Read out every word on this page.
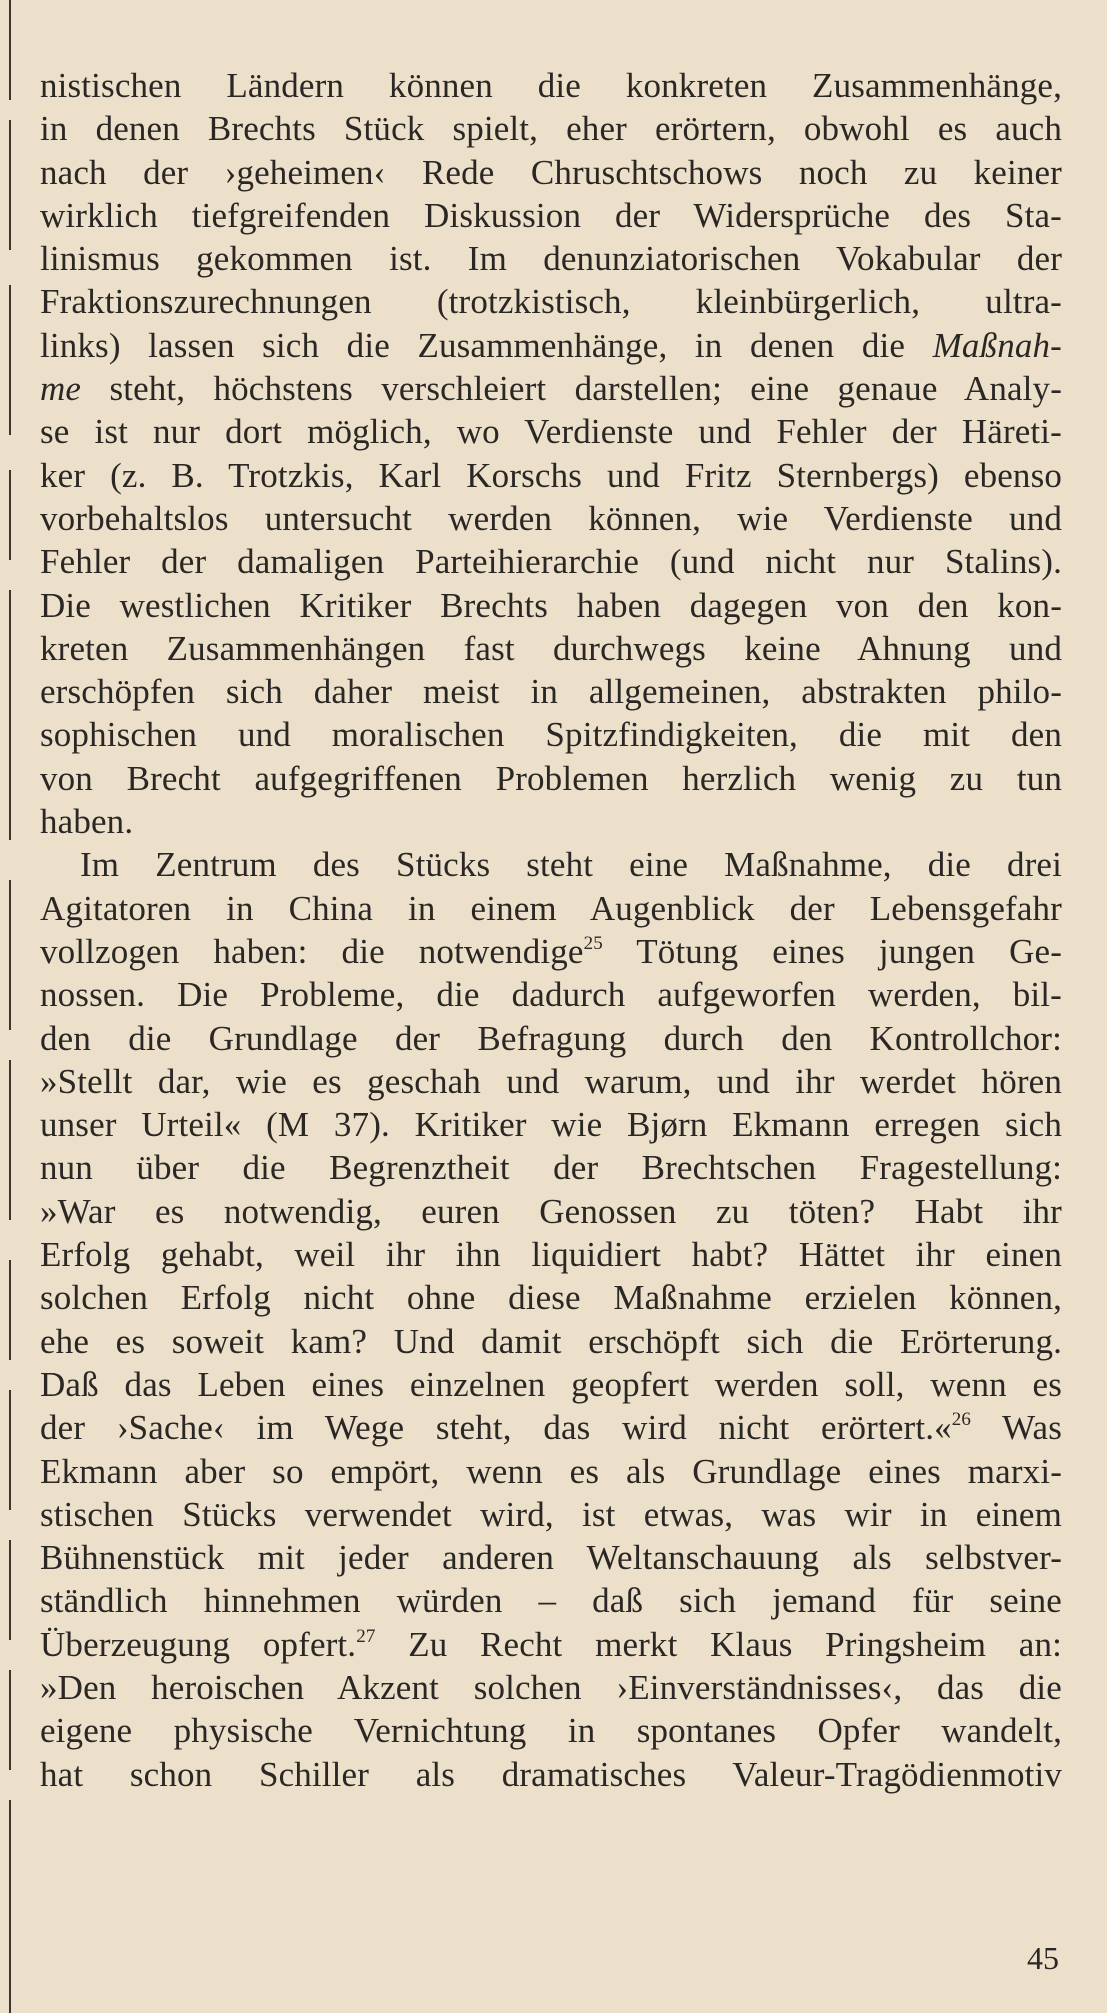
nistischen Ländern können die konkreten Zusammenhänge,
in denen Brechts Stück spielt, eher erörtern, obwohl es auch
nach der ›geheimen‹ Rede Chruschtschows noch zu keiner
wirklich tiefgreifenden Diskussion der Widersprüche des Sta-
linismus gekommen ist. Im denunziatorischen Vokabular der
Fraktionszurechnungen (trotzkistisch, kleinbürgerlich, ultra-
links) lassen sich die Zusammenhänge, in denen die Maßnah-
me steht, höchstens verschleiert darstellen; eine genaue Analy-
se ist nur dort möglich, wo Verdienste und Fehler der Häreti-
ker (z. B. Trotzkis, Karl Korschs und Fritz Sternbergs) ebenso
vorbehaltslos untersucht werden können, wie Verdienste und
Fehler der damaligen Parteihierarchie (und nicht nur Stalins).
Die westlichen Kritiker Brechts haben dagegen von den kon-
kreten Zusammenhängen fast durchwegs keine Ahnung und
erschöpfen sich daher meist in allgemeinen, abstrakten philo-
sophischen und moralischen Spitzfindigkeiten, die mit den
von Brecht aufgegriffenen Problemen herzlich wenig zu tun
haben.
Im Zentrum des Stücks steht eine Maßnahme, die drei
Agitatoren in China in einem Augenblick der Lebensgefahr
vollzogen haben: die notwendige$^{25}$ Tötung eines jungen Ge-
nossen. Die Probleme, die dadurch aufgeworfen werden, bil-
den die Grundlage der Befragung durch den Kontrollchor:
»Stellt dar, wie es geschah und warum, und ihr werdet hören
unser Urteil« (M 37). Kritiker wie Bjørn Ekmann erregen sich
nun über die Begrenztheit der Brechtschen Fragestellung:
»War es notwendig, euren Genossen zu töten? Habt ihr
Erfolg gehabt, weil ihr ihn liquidiert habt? Hättet ihr einen
solchen Erfolg nicht ohne diese Maßnahme erzielen können,
ehe es soweit kam? Und damit erschöpft sich die Erörterung.
Daß das Leben eines einzelnen geopfert werden soll, wenn es
der ›Sache‹ im Wege steht, das wird nicht erörtert.«$^{26}$ Was
Ekmann aber so empört, wenn es als Grundlage eines marxi-
stischen Stücks verwendet wird, ist etwas, was wir in einem
Bühnenstück mit jeder anderen Weltanschauung als selbstver-
ständlich hinnehmen würden – daß sich jemand für seine
Überzeugung opfert.$^{27}$ Zu Recht merkt Klaus Pringsheim an:
»Den heroischen Akzent solchen ›Einverständnisses‹, das die
eigene physische Vernichtung in spontanes Opfer wandelt,
hat schon Schiller als dramatisches Valeur-Tragödienmotiv
45
